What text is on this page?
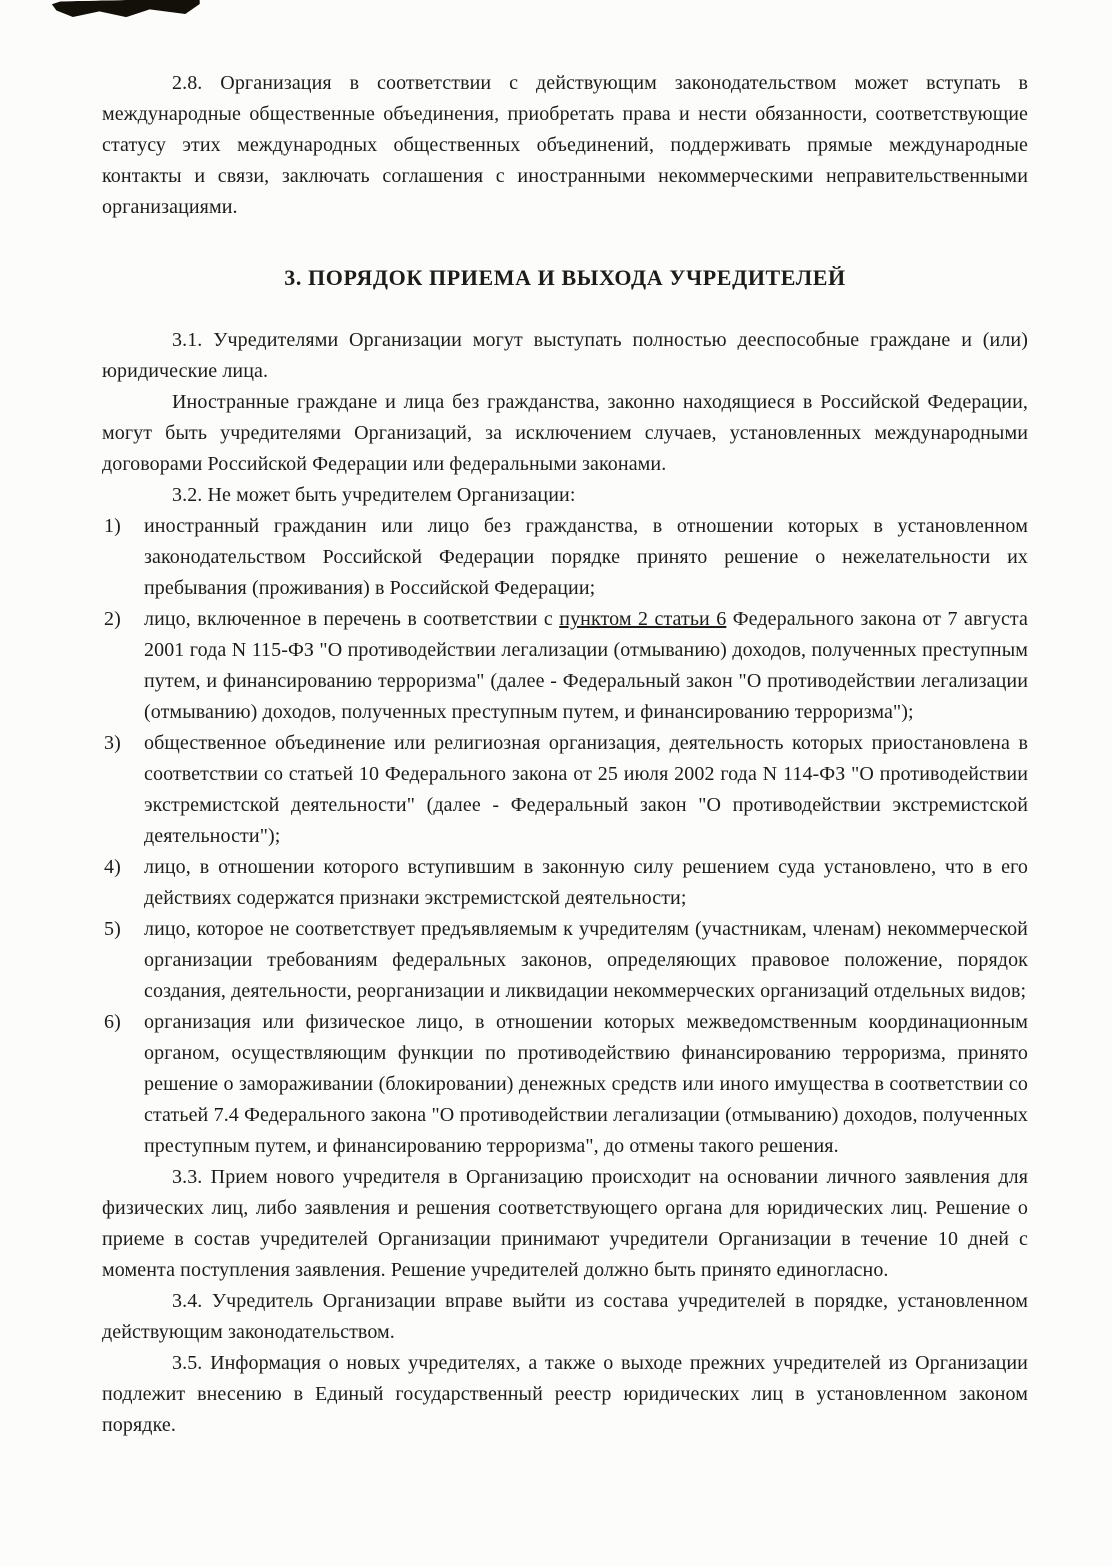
2.8. Организация в соответствии с действующим законодательством может вступать в международные общественные объединения, приобретать права и нести обязанности, соответствующие статусу этих международных общественных объединений, поддерживать прямые международные контакты и связи, заключать соглашения с иностранными некоммерческими неправительственными организациями.

3. ПОРЯДОК ПРИЕМА И ВЫХОДА УЧРЕДИТЕЛЕЙ

3.1. Учредителями Организации могут выступать полностью дееспособные граждане и (или) юридические лица.

Иностранные граждане и лица без гражданства, законно находящиеся в Российской Федерации, могут быть учредителями Организаций, за исключением случаев, установленных международными договорами Российской Федерации или федеральными законами.

3.2. Не может быть учредителем Организации:

1) иностранный гражданин или лицо без гражданства, в отношении которых в установленном законодательством Российской Федерации порядке принято решение о нежелательности их пребывания (проживания) в Российской Федерации;
2) лицо, включенное в перечень в соответствии с пунктом 2 статьи 6 Федерального закона от 7 августа 2001 года N 115-ФЗ "О противодействии легализации (отмыванию) доходов, полученных преступным путем, и финансированию терроризма" (далее - Федеральный закон "О противодействии легализации (отмыванию) доходов, полученных преступным путем, и финансированию терроризма");
3) общественное объединение или религиозная организация, деятельность которых приостановлена в соответствии со статьей 10 Федерального закона от 25 июля 2002 года N 114-ФЗ "О противодействии экстремистской деятельности" (далее - Федеральный закон "О противодействии экстремистской деятельности");
4) лицо, в отношении которого вступившим в законную силу решением суда установлено, что в его действиях содержатся признаки экстремистской деятельности;
5) лицо, которое не соответствует предъявляемым к учредителям (участникам, членам) некоммерческой организации требованиям федеральных законов, определяющих правовое положение, порядок создания, деятельности, реорганизации и ликвидации некоммерческих организаций отдельных видов;
6) организация или физическое лицо, в отношении которых межведомственным координационным органом, осуществляющим функции по противодействию финансированию терроризма, принято решение о замораживании (блокировании) денежных средств или иного имущества в соответствии со статьей 7.4 Федерального закона "О противодействии легализации (отмыванию) доходов, полученных преступным путем, и финансированию терроризма", до отмены такого решения.

3.3. Прием нового учредителя в Организацию происходит на основании личного заявления для физических лиц, либо заявления и решения соответствующего органа для юридических лиц. Решение о приеме в состав учредителей Организации принимают учредители Организации в течение 10 дней с момента поступления заявления. Решение учредителей должно быть принято единогласно.

3.4. Учредитель Организации вправе выйти из состава учредителей в порядке, установленном действующим законодательством.

3.5. Информация о новых учредителях, а также о выходе прежних учредителей из Организации подлежит внесению в Единый государственный реестр юридических лиц в установленном законом порядке.
